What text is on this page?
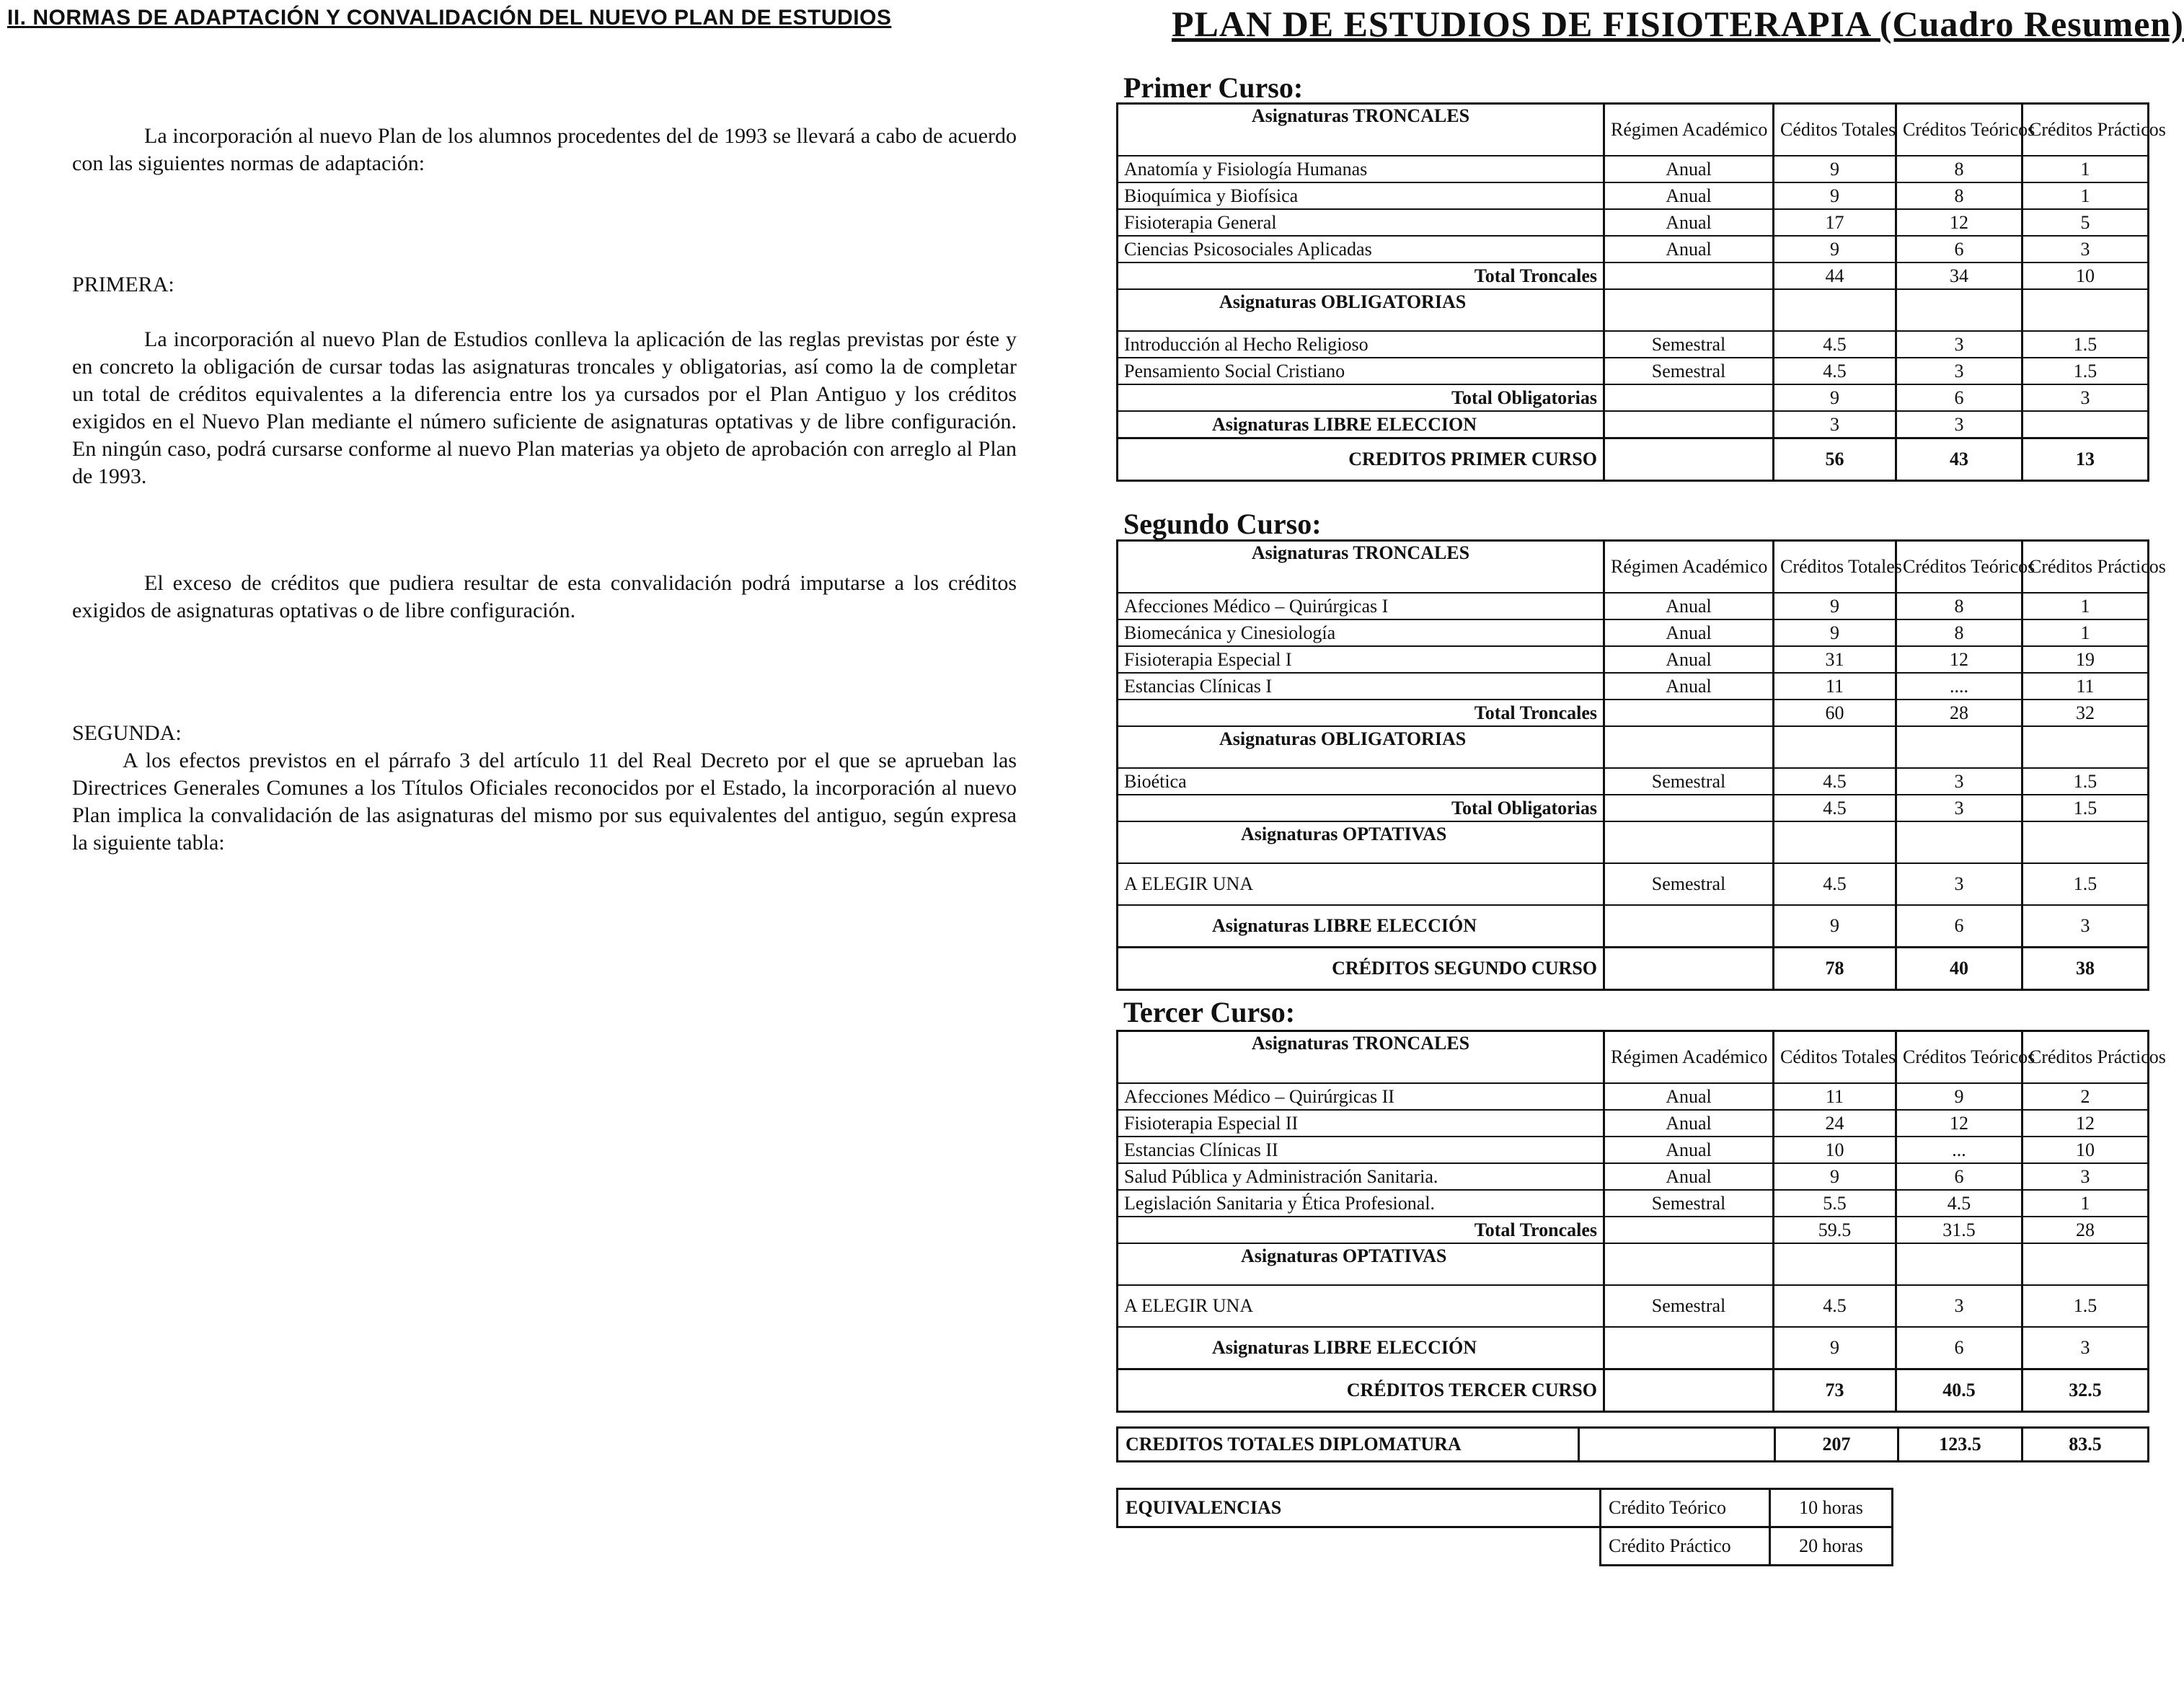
II. NORMAS DE ADAPTACIÓN Y CONVALIDACIÓN DEL NUEVO PLAN DE ESTUDIOS
La incorporación al nuevo Plan de los alumnos procedentes del de 1993 se llevará a cabo de acuerdo con las siguientes normas de adaptación:
PRIMERA:
La incorporación al nuevo Plan de Estudios conlleva la aplicación de las reglas previstas por éste y en concreto la obligación de cursar todas las asignaturas troncales y obligatorias, así como la de completar un total de créditos equivalentes a la diferencia entre los ya cursados por el Plan Antiguo y los créditos exigidos en el Nuevo Plan mediante el número suficiente de asignaturas optativas y de libre configuración. En ningún caso, podrá cursarse conforme al nuevo Plan materias ya objeto de aprobación con arreglo al Plan de 1993.
El exceso de créditos que pudiera resultar de esta convalidación podrá imputarse a los créditos exigidos de asignaturas optativas o de libre configuración.
SEGUNDA:
A los efectos previstos en el párrafo 3 del artículo 11 del Real Decreto por el que se aprueban las Directrices Generales Comunes a los Títulos Oficiales reconocidos por el Estado, la incorporación al nuevo Plan implica la convalidación de las asignaturas del mismo por sus equivalentes del antiguo, según expresa la siguiente tabla:
PLAN DE ESTUDIOS DE FISIOTERAPIA (Cuadro Resumen)
Primer Curso:
Asignaturas TRONCALES	Régimen Académico	Céditos Totales	Créditos Teóricos	Créditos Prácticos
Anatomía y Fisiología Humanas	Anual	9	8	1
Bioquímica y Biofísica	Anual	9	8	1
Fisioterapia General	Anual	17	12	5
Ciencias Psicosociales Aplicadas	Anual	9	6	3
Total Troncales		44	34	10
Asignaturas OBLIGATORIAS				
Introducción al Hecho Religioso	Semestral	4.5	3	1.5
Pensamiento Social Cristiano	Semestral	4.5	3	1.5
Total Obligatorias		9	6	3
Asignaturas LIBRE ELECCION		3	3	
CREDITOS PRIMER CURSO		56	43	13
Segundo Curso:
Asignaturas TRONCALES	Régimen Académico	Créditos Totales	Créditos Teóricos	Créditos Prácticos
Afecciones Médico – Quirúrgicas I	Anual	9	8	1
Biomecánica y Cinesiología	Anual	9	8	1
Fisioterapia Especial I	Anual	31	12	19
Estancias Clínicas I	Anual	11	....	11
Total Troncales		60	28	32
Asignaturas OBLIGATORIAS				
Bioética	Semestral	4.5	3	1.5
Total Obligatorias		4.5	3	1.5
Asignaturas OPTATIVAS				
A ELEGIR UNA	Semestral	4.5	3	1.5
Asignaturas LIBRE ELECCIÓN		9	6	3
CRÉDITOS SEGUNDO CURSO		78	40	38
Tercer Curso:
Asignaturas TRONCALES	Régimen Académico	Céditos Totales	Créditos Teóricos	Créditos Prácticos
Afecciones Médico – Quirúrgicas II	Anual	11	9	2
Fisioterapia Especial II	Anual	24	12	12
Estancias Clínicas II	Anual	10	...	10
Salud Pública y Administración Sanitaria.	Anual	9	6	3
Legislación Sanitaria y Ética Profesional.	Semestral	5.5	4.5	1
Total Troncales		59.5	31.5	28
Asignaturas OPTATIVAS				
A ELEGIR UNA	Semestral	4.5	3	1.5
Asignaturas LIBRE ELECCIÓN		9	6	3
CRÉDITOS TERCER CURSO		73	40.5	32.5
CREDITOS TOTALES DIPLOMATURA		207	123.5	83.5
EQUIVALENCIAS	Crédito Teórico	10 horas
	Crédito Práctico	20 horas
